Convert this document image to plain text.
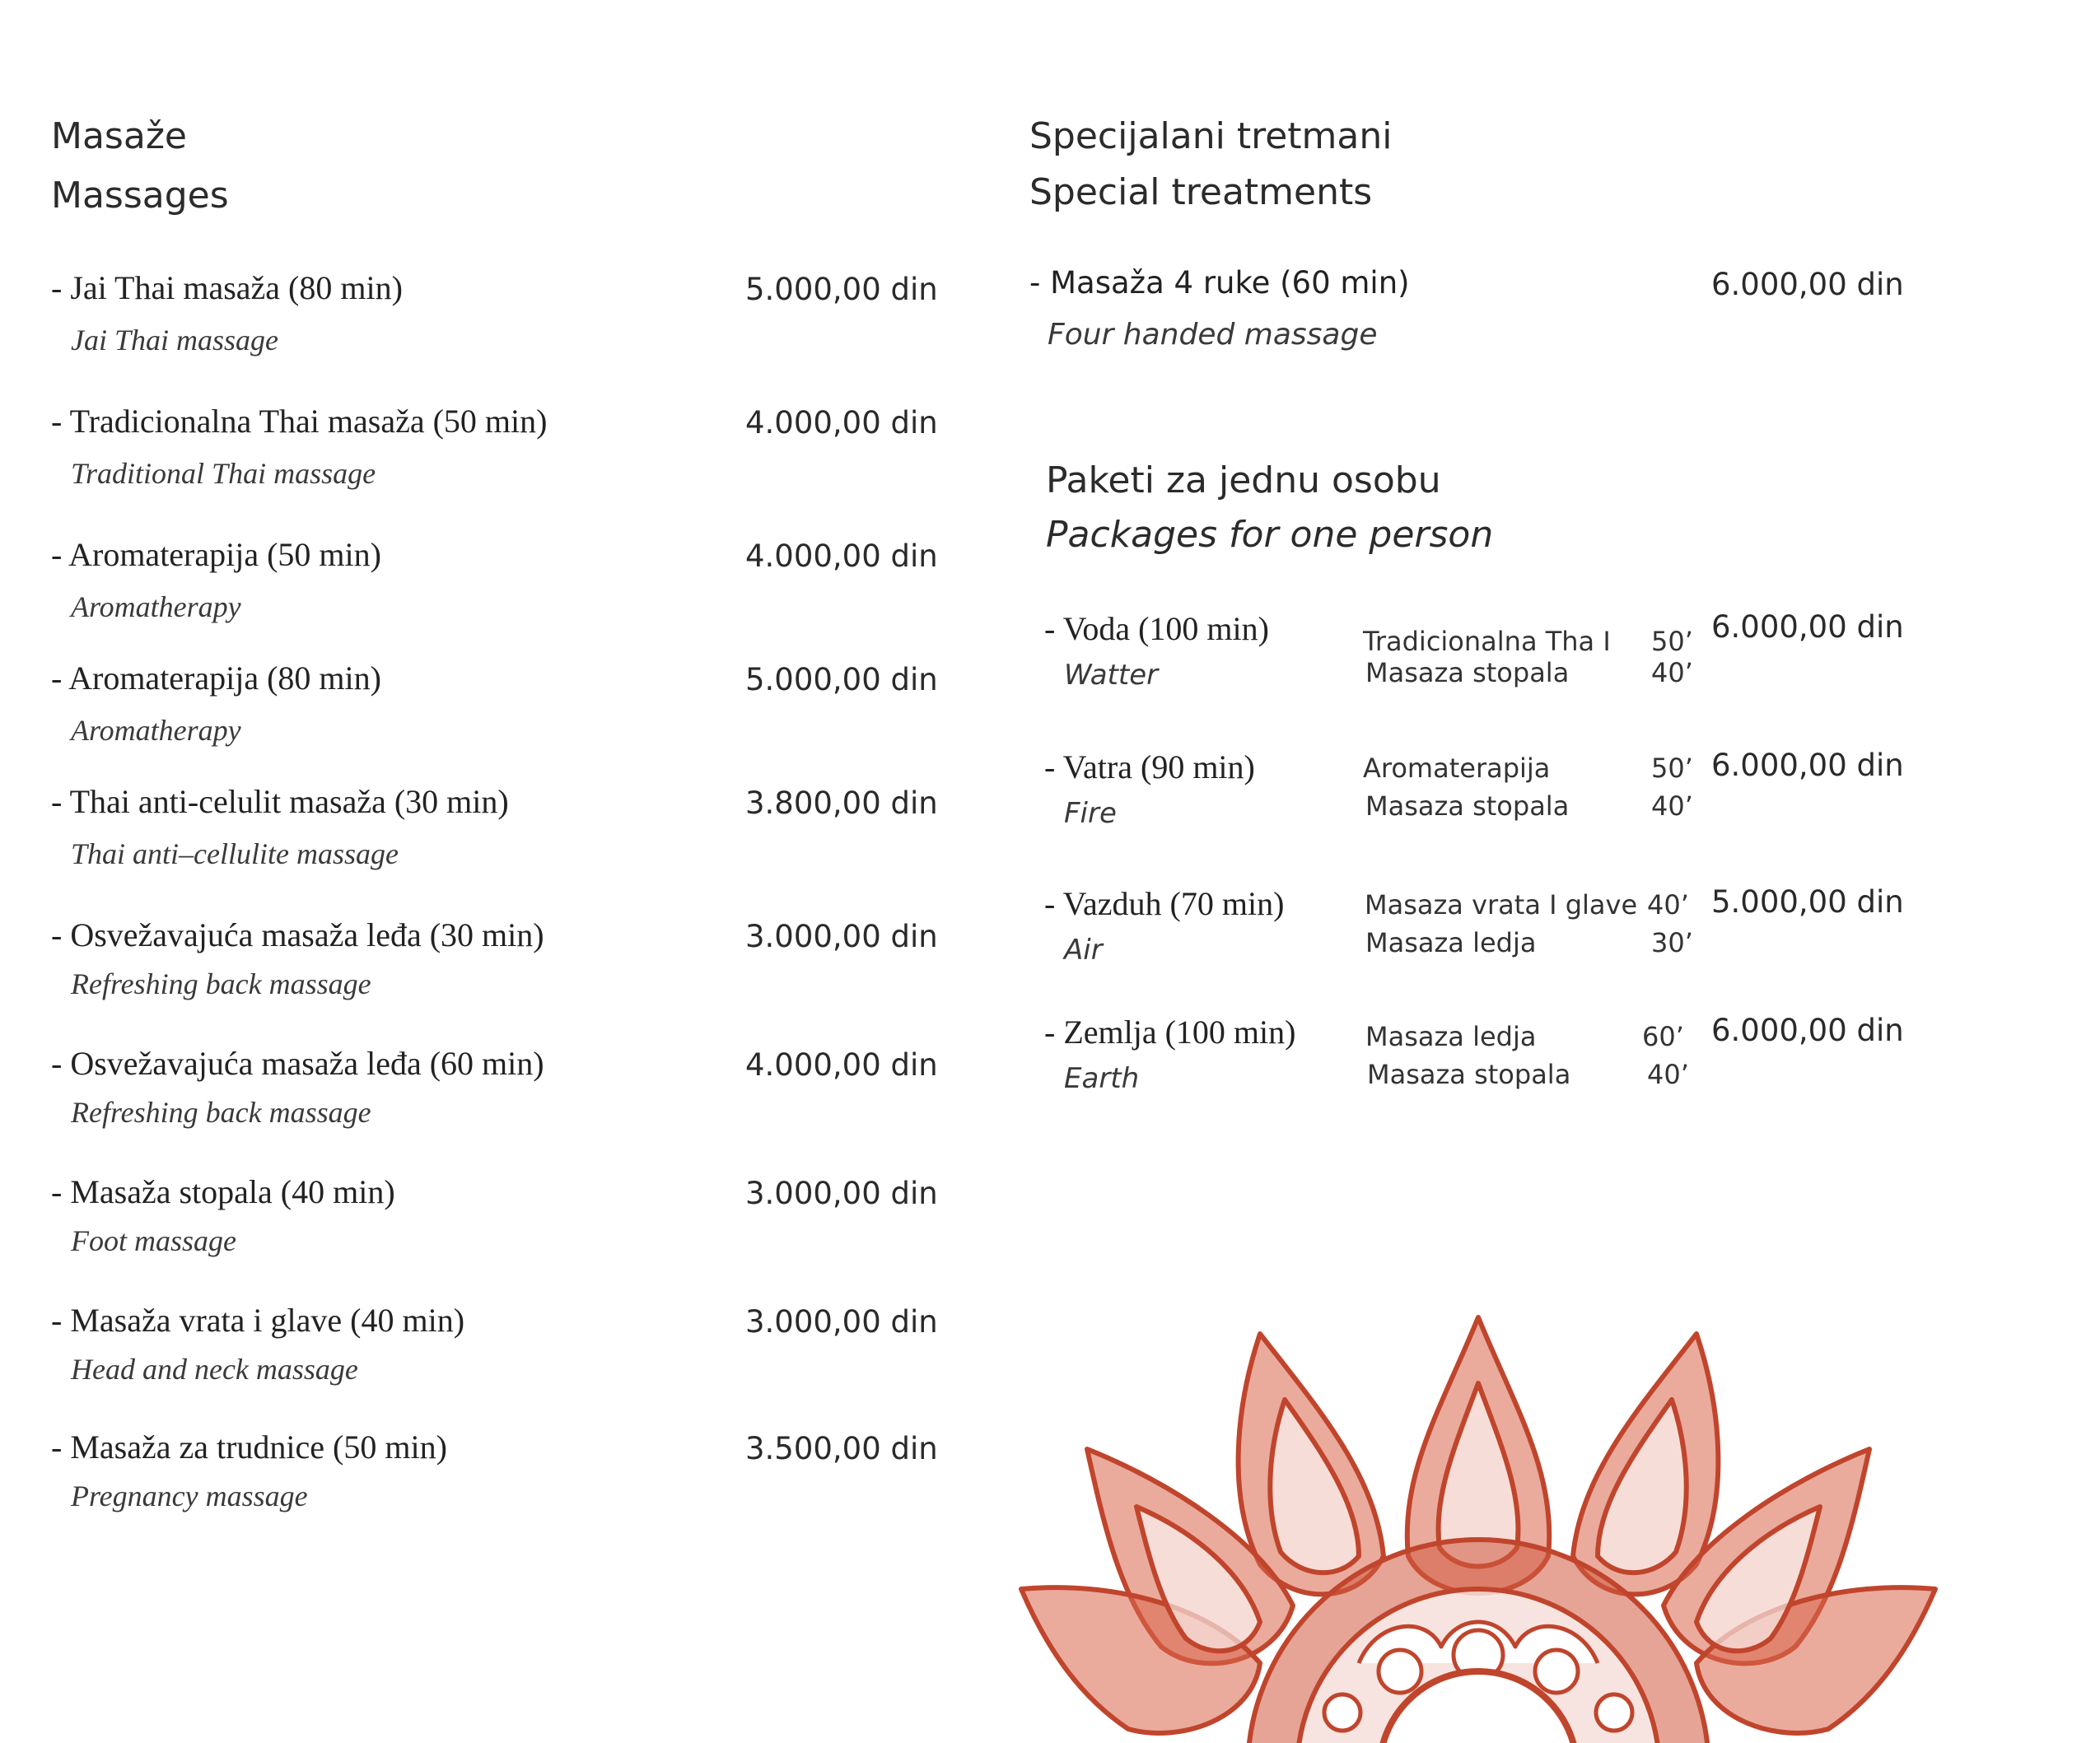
Masaže
Massages
- Jai Thai masaža (80 min)
Jai Thai massage
5.000,00 din
- Tradicionalna Thai masaža (50 min)
Traditional Thai massage
4.000,00 din
- Aromaterapija (50 min)
Aromatherapy
4.000,00 din
- Aromaterapija (80 min)
Aromatherapy
5.000,00 din
- Thai anti-celulit masaža (30 min)
Thai anti–cellulite massage
3.800,00 din
- Osvežavajuća masaža leđa (30 min)
Refreshing back massage
3.000,00 din
- Osvežavajuća masaža leđa (60 min)
Refreshing back massage
4.000,00 din
- Masaža stopala (40 min)
Foot massage
3.000,00 din
- Masaža vrata i glave (40 min)
Head and neck massage
3.000,00 din
- Masaža za trudnice (50 min)
Pregnancy massage
3.500,00 din
Specijalani tretmani
Special treatments
- Masaža 4 ruke (60 min)
Four handed massage
6.000,00 din
Paketi za jednu osobu
Packages for one person
- Voda (100 min)
Watter
Tradicionalna Tha I 50’
Masaza stopala	40’
6.000,00 din
- Vatra (90 min)
Fire
Aromaterapija	50’
Masaza stopala	40’
6.000,00 din
- Vazduh (70 min)
Air
Masaza vrata I glave 40’
Masaza ledja	30’
5.000,00 din
- Zemlja (100 min)
Earth
Masaza ledja	60’
Masaza stopala	40’
6.000,00 din
